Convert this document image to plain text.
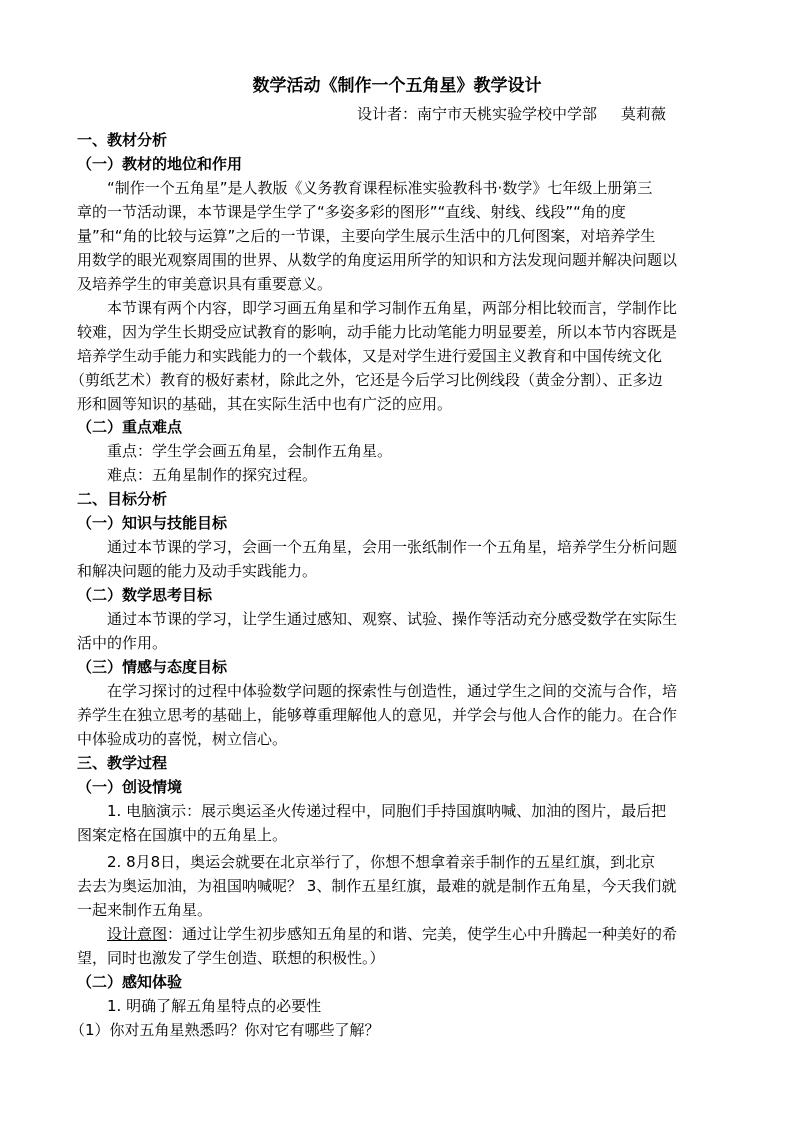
数学活动《制作一个五角星》教学设计
设计者：南宁市天桃实验学校中学部     莫莉薇
一、教材分析
（一）教材的地位和作用
“制作一个五角星”是人教版《义务教育课程标准实验教科书·数学》七年级上册第三
章的一节活动课，本节课是学生学了“多姿多彩的图形”“直线、射线、线段”“角的度
量”和“角的比较与运算”之后的一节课，主要向学生展示生活中的几何图案，对培养学生
用数学的眼光观察周围的世界、从数学的角度运用所学的知识和方法发现问题并解决问题以
及培养学生的审美意识具有重要意义。
本节课有两个内容，即学习画五角星和学习制作五角星，两部分相比较而言，学制作比
较难，因为学生长期受应试教育的影响，动手能力比动笔能力明显要差，所以本节内容既是
培养学生动手能力和实践能力的一个载体，又是对学生进行爱国主义教育和中国传统文化
（剪纸艺术）教育的极好素材，除此之外，它还是今后学习比例线段（黄金分割）、正多边
形和圆等知识的基础，其在实际生活中也有广泛的应用。
（二）重点难点
重点：学生学会画五角星，会制作五角星。
难点：五角星制作的探究过程。
二、目标分析
（一）知识与技能目标
通过本节课的学习，会画一个五角星，会用一张纸制作一个五角星，培养学生分析问题
和解决问题的能力及动手实践能力。
（二）数学思考目标
通过本节课的学习，让学生通过感知、观察、试验、操作等活动充分感受数学在实际生
活中的作用。
（三）情感与态度目标
在学习探讨的过程中体验数学问题的探索性与创造性，通过学生之间的交流与合作，培
养学生在独立思考的基础上，能够尊重理解他人的意见，并学会与他人合作的能力。在合作
中体验成功的喜悦，树立信心。
三、教学过程
（一）创设情境
1. 电脑演示：展示奥运圣火传递过程中，同胞们手持国旗呐喊、加油的图片，最后把
图案定格在国旗中的五角星上。
2. 8月8日，奥运会就要在北京举行了，你想不想拿着亲手制作的五星红旗，到北京
去去为奥运加油，为祖国呐喊呢？ 3、制作五星红旗，最难的就是制作五角星，今天我们就
一起来制作五角星。
设计意图：通过让学生初步感知五角星的和谐、完美，使学生心中升腾起一种美好的希
望，同时也激发了学生创造、联想的积极性。）
（二）感知体验
1. 明确了解五角星特点的必要性
（1）你对五角星熟悉吗？你对它有哪些了解？
